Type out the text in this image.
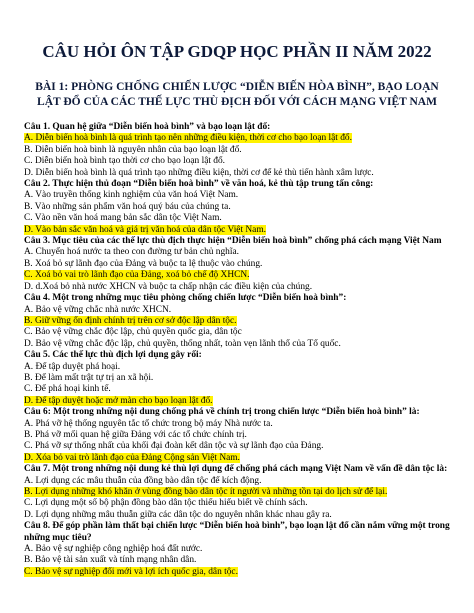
CÂU HỎI ÔN TẬP GDQP HỌC PHẦN II NĂM 2022
BÀI 1: PHÒNG CHỐNG CHIẾN LƯỢC “DIỄN BIẾN HÒA BÌNH”, BẠO LOẠN LẬT ĐỔ CỦA CÁC THẾ LỰC THÙ ĐỊCH ĐỐI VỚI CÁCH MẠNG VIỆT NAM
Câu 1. Quan hệ giữa “Diễn biến hoà bình” và bạo loạn lật đổ:
A. Diễn biến hoà bình là quá trình tạo nên những điều kiện, thời cơ cho bạo loạn lật đổ.
B. Diễn biến hoà bình là nguyên nhân của bạo loạn lật đổ.
C. Diễn biến hoà bình tạo thời cơ cho bạo loạn lật đổ.
D. Diễn biến hoà bình là quá trình tạo những điều kiện, thời cơ để kẻ thù tiến hành xâm lược.
Câu 2. Thực hiện thủ đoạn “Diễn biến hoà bình” về văn hoá, kẻ thù tập trung tấn công:
A. Vào truyền thống kinh nghiệm của văn hoá Việt Nam.
B. Vào những sản phẩm văn hoá quý báu của chúng ta.
C. Vào nền văn hoá mang bản sắc dân tộc Việt Nam.
D. Vào bản sắc văn hoá và giá trị văn hoá của dân tộc Việt Nam.
Câu 3. Mục tiêu của các thế lực thù địch thực hiện “Diễn biến hoà bình” chống phá cách mạng Việt Nam
A. Chuyển hoá nước ta theo con đường tư bản chủ nghĩa.
B. Xoá bỏ sự lãnh đạo của Đảng và buộc ta lệ thuộc vào chúng.
C. Xoá bỏ vai trò lãnh đạo của Đảng, xoá bỏ chế độ XHCN.
D. d.Xoá bỏ nhà nước XHCN và buộc ta chấp nhận các điều kiện của chúng.
Câu 4. Một trong những mục tiêu phòng chống chiến lược “Diễn biến hoà bình”:
A. Bảo vệ vững chắc nhà nước XHCN.
B. Giữ vững ổn định chính trị trên cơ sở độc lập dân tộc.
C. Bảo vệ vững chắc độc lập, chủ quyền quốc gia, dân tộc
D. Bảo vệ vững chắc độc lập, chủ quyền, thống nhất, toàn vẹn lãnh thổ của Tổ quốc.
Câu 5. Các thế lực thù địch lợi dụng gây rối:
A. Để tập duyệt phá hoại.
B. Để làm mất trật tự trị an xã hội.
C. Để phá hoại kinh tế.
D. Để tập duyệt hoặc mở màn cho bạo loạn lật đổ.
Câu 6: Một trong những nội dung chống phá về chính trị trong chiến lược “Diễn biến hoà bình” là:
A. Phá vỡ hệ thống nguyên tắc tổ chức trong bộ máy Nhà nước ta.
B. Phá vỡ mối quan hệ giữa Đảng với các tổ chức chính trị.
C. Phá vỡ sự thống nhất của khối đại đoàn kết dân tộc và sự lãnh đạo của Đảng.
D. Xóa bỏ vai trò lãnh đạo của Đảng Cộng sản Việt Nam.
Câu 7. Một trong những nội dung kẻ thù lợi dụng để chống phá cách mạng Việt Nam về vấn đề dân tộc là:
A. Lợi dụng các mâu thuẫn của đồng bào dân tộc để kích động.
B. Lợi dụng những khó khăn ở vùng đồng bào dân tộc ít người và những tồn tại do lịch sử để lại.
C. Lợi dụng một số bộ phận đồng bào dân tộc thiếu hiểu biết về chính sách.
D. Lợi dụng những mâu thuẫn giữa các dân tộc do nguyên nhân khác nhau gây ra.
Câu 8. Để góp phần làm thất bại chiến lược “Diễn biến hoà bình”, bạo loạn lật đổ cần nắm vững một trong những mục tiêu?
A. Bảo vệ sự nghiệp công nghiệp hoá đất nước.
B. Bảo vệ tài sản xuất và tính mạng nhân dân.
C. Bảo vệ sự nghiệp đổi mới và lợi ích quốc gia, dân tộc.
